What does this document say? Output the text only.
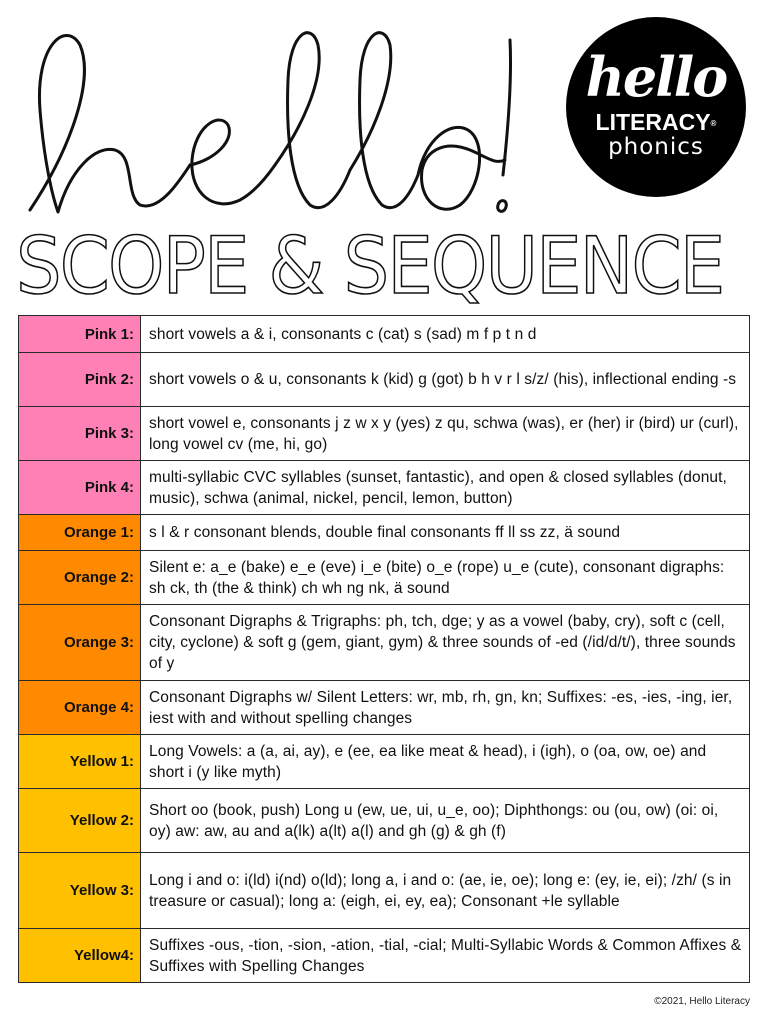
hello
LITERACY®
phonics
SCOPE & SEQUENCE
Pink 1:	short vowels a & i, consonants c (cat) s (sad) m f p t n d
Pink 2:	short vowels o & u, consonants k (kid) g (got) b h v r l s/z/ (his), inflectional ending -s
Pink 3:	short vowel e, consonants j z w x y (yes) z qu, schwa (was), er (her) ir (bird) ur (curl), long vowel cv (me, hi, go)
Pink 4:	multi-syllabic CVC syllables (sunset, fantastic), and open & closed syllables (donut, music), schwa (animal, nickel, pencil, lemon, button)
Orange 1:	s l & r consonant blends, double final consonants ff ll ss zz, ä sound
Orange 2:	Silent e: a_e (bake) e_e (eve) i_e (bite) o_e (rope) u_e (cute), consonant digraphs: sh ck, th (the & think) ch wh ng nk, ä sound
Orange 3:	Consonant Digraphs & Trigraphs: ph, tch, dge; y as a vowel (baby, cry), soft c (cell, city, cyclone) & soft g (gem, giant, gym) & three sounds of -ed (/id/d/t/), three sounds of y
Orange 4:	Consonant Digraphs w/ Silent Letters: wr, mb, rh, gn, kn; Suffixes: -es, -ies, -ing, ier, iest with and without spelling changes
Yellow 1:	Long Vowels: a (a, ai, ay), e (ee, ea like meat & head), i (igh), o (oa, ow, oe) and short i (y like myth)
Yellow 2:	Short oo (book, push) Long u (ew, ue, ui, u_e, oo); Diphthongs: ou (ou, ow) (oi: oi, oy) aw: aw, au and a(lk) a(lt) a(l) and gh (g) & gh (f)
Yellow 3:	Long i and o: i(ld) i(nd) o(ld); long a, i and o: (ae, ie, oe); long e: (ey, ie, ei); /zh/ (s in treasure or casual); long a: (eigh, ei, ey, ea); Consonant +le syllable
Yellow4:	Suffixes -ous, -tion, -sion, -ation, -tial, -cial; Multi-Syllabic Words & Common Affixes & Suffixes with Spelling Changes
©2021, Hello Literacy
